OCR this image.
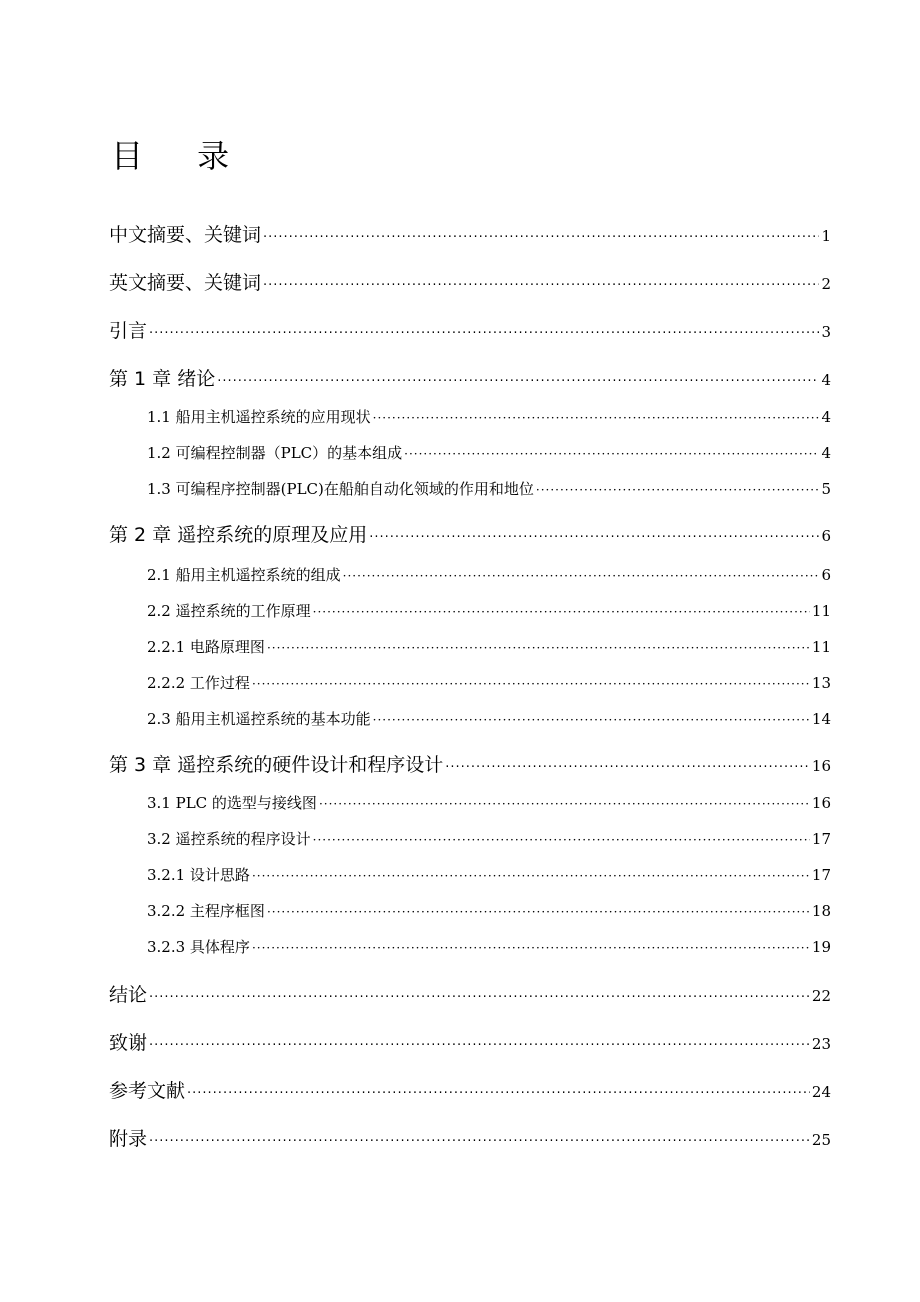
目 录
中文摘要、关键词 ·····	1
英文摘要、关键词 ·····	2
引言 ·····	3
第 1 章 绪论 ·····	4
1.1 船用主机遥控系统的应用现状 ·····	4
1.2 可编程控制器（PLC）的基本组成 ·····	4
1.3 可编程序控制器(PLC)在船舶自动化领域的作用和地位 ·····	5
第 2 章 遥控系统的原理及应用 ·····	6
2.1 船用主机遥控系统的组成 ·····	6
2.2 遥控系统的工作原理 ·····	11
2.2.1 电路原理图 ·····	11
2.2.2 工作过程 ·····	13
2.3 船用主机遥控系统的基本功能 ·····	14
第 3 章 遥控系统的硬件设计和程序设计 ·····	16
3.1 PLC 的选型与接线图 ·····	16
3.2 遥控系统的程序设计 ·····	17
3.2.1 设计思路 ·····	17
3.2.2 主程序框图 ·····	18
3.2.3 具体程序 ·····	19
结论 ·····	22
致谢 ·····	23
参考文献 ·····	24
附录 ·····	25
